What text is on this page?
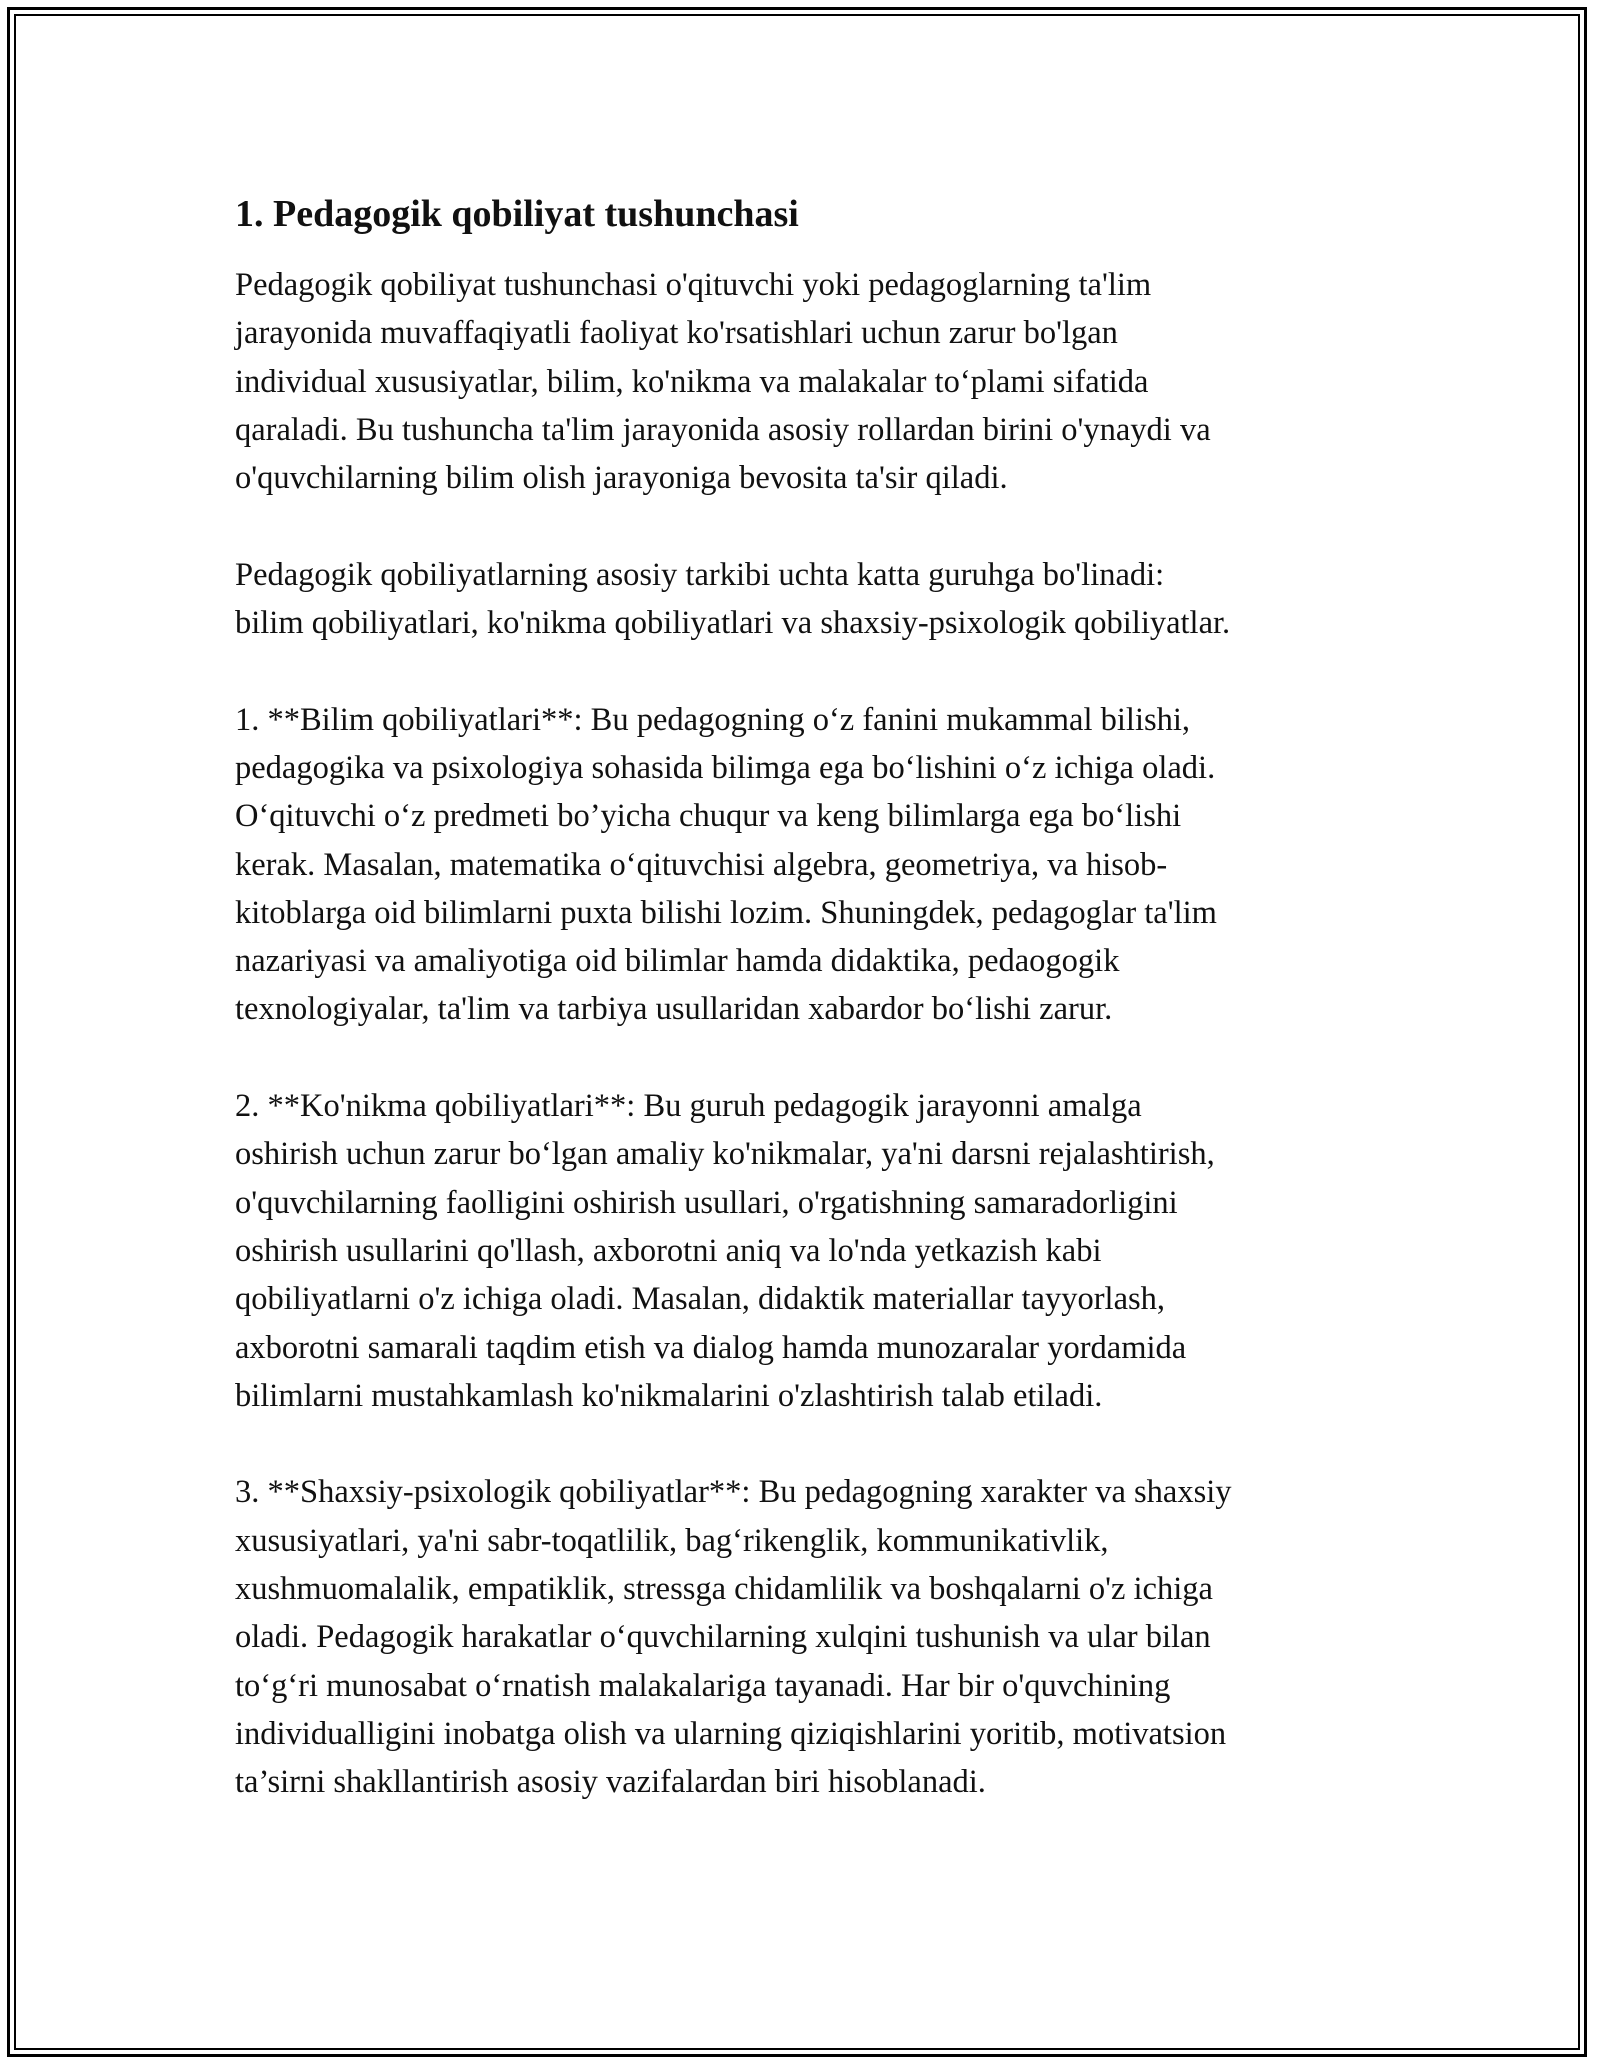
1. Pedagogik qobiliyat tushunchasi

Pedagogik qobiliyat tushunchasi o'qituvchi yoki pedagoglarning ta'lim
jarayonida muvaffaqiyatli faoliyat ko'rsatishlari uchun zarur bo'lgan
individual xususiyatlar, bilim, ko'nikma va malakalar to‘plami sifatida
qaraladi. Bu tushuncha ta'lim jarayonida asosiy rollardan birini o'ynaydi va
o'quvchilarning bilim olish jarayoniga bevosita ta'sir qiladi.

Pedagogik qobiliyatlarning asosiy tarkibi uchta katta guruhga bo'linadi:
bilim qobiliyatlari, ko'nikma qobiliyatlari va shaxsiy-psixologik qobiliyatlar.

1. **Bilim qobiliyatlari**: Bu pedagogning o‘z fanini mukammal bilishi,
pedagogika va psixologiya sohasida bilimga ega bo‘lishini o‘z ichiga oladi.
O‘qituvchi o‘z predmeti bo’yicha chuqur va keng bilimlarga ega bo‘lishi
kerak. Masalan, matematika o‘qituvchisi algebra, geometriya, va hisob-
kitoblarga oid bilimlarni puxta bilishi lozim. Shuningdek, pedagoglar ta'lim
nazariyasi va amaliyotiga oid bilimlar hamda didaktika, pedaogogik
texnologiyalar, ta'lim va tarbiya usullaridan xabardor bo‘lishi zarur.

2. **Ko'nikma qobiliyatlari**: Bu guruh pedagogik jarayonni amalga
oshirish uchun zarur bo‘lgan amaliy ko'nikmalar, ya'ni darsni rejalashtirish,
o'quvchilarning faolligini oshirish usullari, o'rgatishning samaradorligini
oshirish usullarini qo'llash, axborotni aniq va lo'nda yetkazish kabi
qobiliyatlarni o'z ichiga oladi. Masalan, didaktik materiallar tayyorlash,
axborotni samarali taqdim etish va dialog hamda munozaralar yordamida
bilimlarni mustahkamlash ko'nikmalarini o'zlashtirish talab etiladi.

3. **Shaxsiy-psixologik qobiliyatlar**: Bu pedagogning xarakter va shaxsiy
xususiyatlari, ya'ni sabr-toqatlilik, bag‘rikenglik, kommunikativlik,
xushmuomalalik, empatiklik, stressga chidamlilik va boshqalarni o'z ichiga
oladi. Pedagogik harakatlar o‘quvchilarning xulqini tushunish va ular bilan
to‘g‘ri munosabat o‘rnatish malakalariga tayanadi. Har bir o'quvchining
individualligini inobatga olish va ularning qiziqishlarini yoritib, motivatsion
ta’sirni shakllantirish asosiy vazifalardan biri hisoblanadi.
